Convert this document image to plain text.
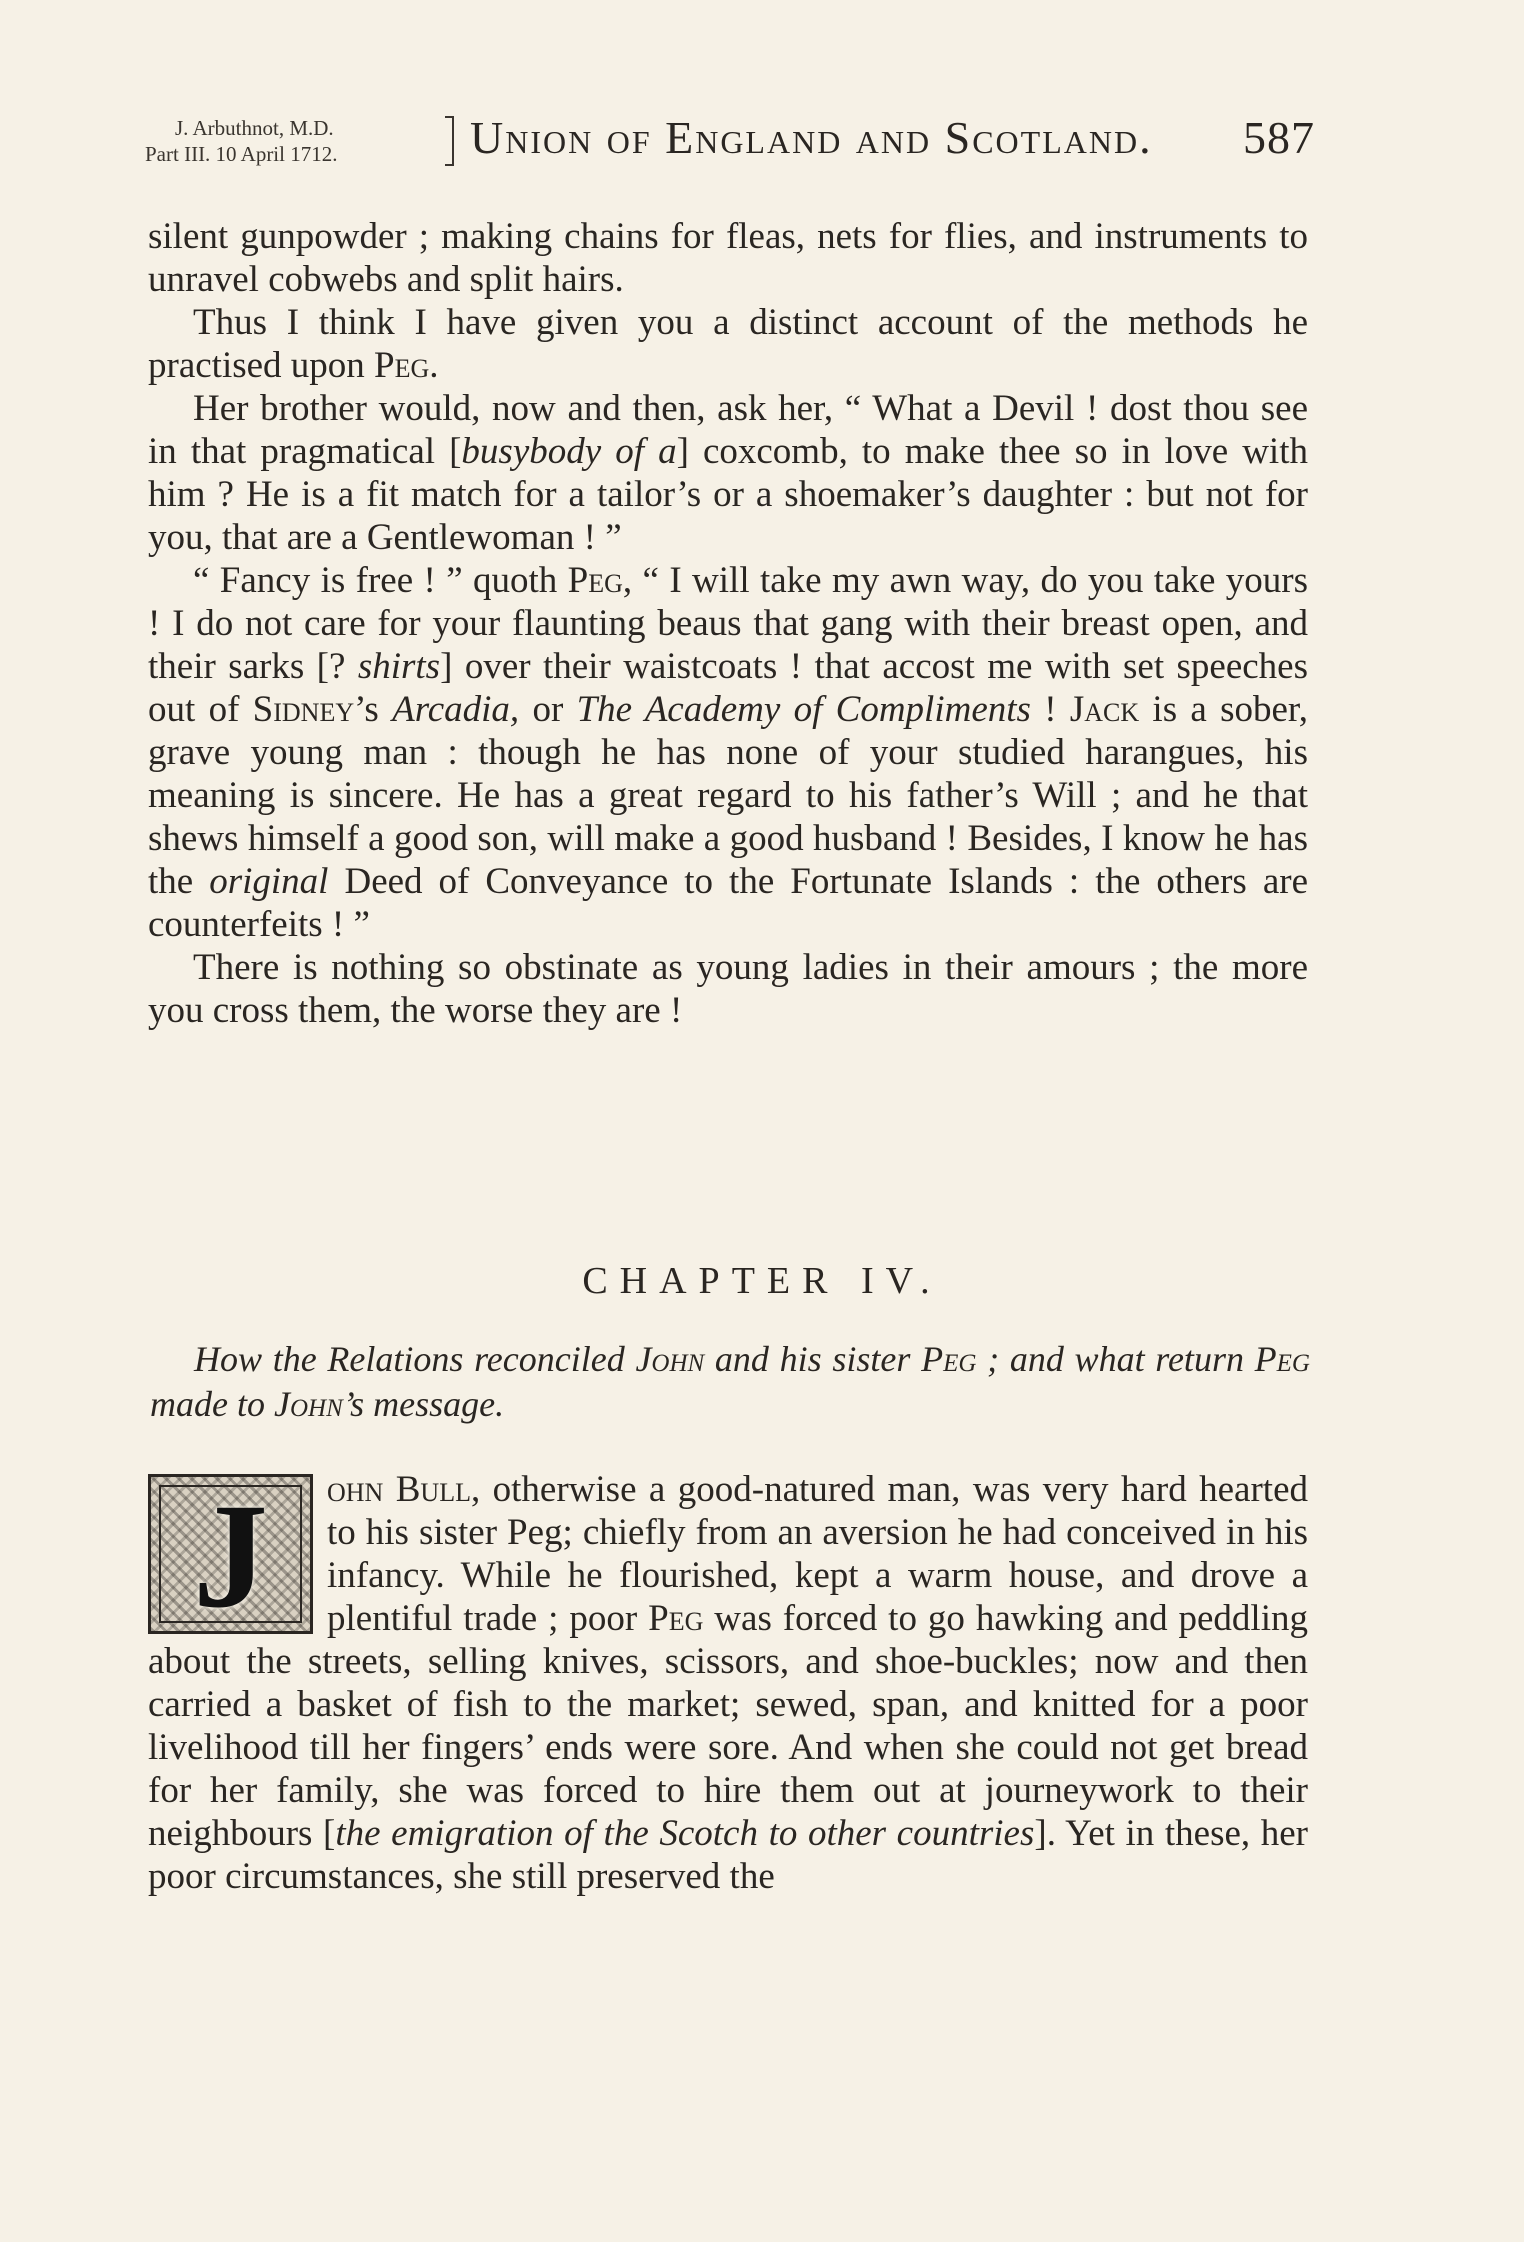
J. Arbuthnot, M.D.
Part III. 10 April 1712.	Union of England and Scotland. 587

silent gunpowder ; making chains for fleas, nets for flies, and instruments to unravel cobwebs and split hairs.

Thus I think I have given you a distinct account of the methods he practised upon Peg.

Her brother would, now and then, ask her, “ What a Devil ! dost thou see in that pragmatical [busybody of a] coxcomb, to make thee so in love with him ? He is a fit match for a tailor’s or a shoemaker’s daughter : but not for you, that are a Gentlewoman ! ”

“ Fancy is free ! ” quoth Peg, “ I will take my awn way, do you take yours ! I do not care for your flaunting beaus that gang with their breast open, and their sarks [? shirts] over their waistcoats ! that accost me with set speeches out of Sidney’s Arcadia, or The Academy of Compliments ! Jack is a sober, grave young man : though he has none of your studied harangues, his meaning is sincere. He has a great regard to his father’s Will ; and he that shews himself a good son, will make a good husband ! Besides, I know he has the original Deed of Conveyance to the Fortunate Islands : the others are counterfeits ! ”

There is nothing so obstinate as young ladies in their amours ; the more you cross them, the worse they are !

CHAPTER IV.
How the Relations reconciled John and his sister Peg ; and what return Peg made to John’s message.

J	ohn Bull, otherwise a good-natured man, was very hard hearted to his sister Peg; chiefly from an aversion he had conceived in his infancy. While he flourished, kept a warm house, and drove a plentiful trade ; poor Peg was forced to go hawking and peddling about the streets, selling knives, scissors, and shoe-buckles; now and then carried a basket of fish to the market; sewed, span, and knitted for a poor livelihood till her fingers’ ends were sore. And when she could not get bread for her family, she was forced to hire them out at journeywork to their neighbours [the emigration of the Scotch to other countries]. Yet in these, her poor circumstances, she still preserved the
